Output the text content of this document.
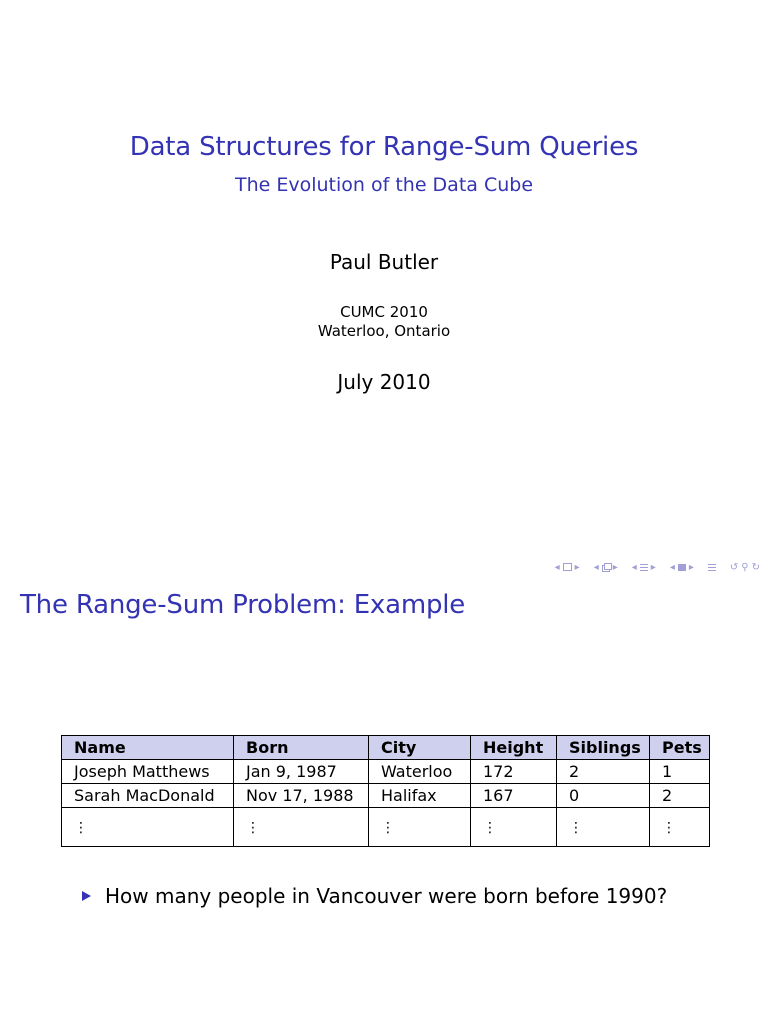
Data Structures for Range-Sum Queries
The Evolution of the Data Cube
Paul Butler
CUMC 2010
Waterloo, Ontario
July 2010
◂ ▸ ◂ ▸ ◂ ▸ ◂ ▸	↺ ⚲ ↻
The Range-Sum Problem: Example
Name	Born	City	Height	Siblings	Pets
Joseph Matthews	Jan 9, 1987	Waterloo	172	2	1
Sarah MacDonald	Nov 17, 1988	Halifax	167	0	2
⋮	⋮	⋮	⋮	⋮	⋮
How many people in Vancouver were born before 1990?
